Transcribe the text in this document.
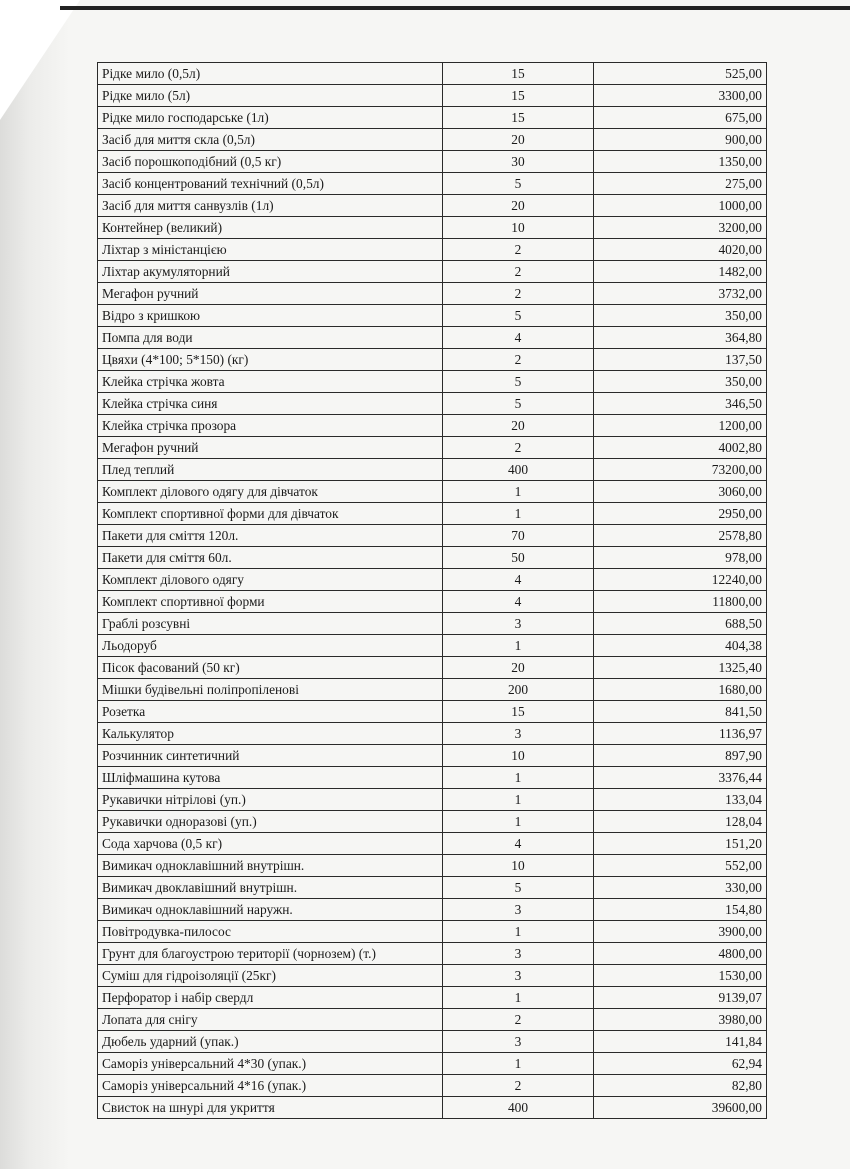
Рідке мило (0,5л)	15	525,00
Рідке мило (5л)	15	3300,00
Рідке мило господарське (1л)	15	675,00
Засіб для миття скла (0,5л)	20	900,00
Засіб порошкоподібний (0,5 кг)	30	1350,00
Засіб концентрований технічний (0,5л)	5	275,00
Засіб для миття санвузлів (1л)	20	1000,00
Контейнер (великий)	10	3200,00
Ліхтар з міністанцією	2	4020,00
Ліхтар акумуляторний	2	1482,00
Мегафон ручний	2	3732,00
Відро з кришкою	5	350,00
Помпа для води	4	364,80
Цвяхи (4*100; 5*150) (кг)	2	137,50
Клейка стрічка жовта	5	350,00
Клейка стрічка синя	5	346,50
Клейка стрічка прозора	20	1200,00
Мегафон ручний	2	4002,80
Плед теплий	400	73200,00
Комплект ділового одягу для дівчаток	1	3060,00
Комплект спортивної форми для дівчаток	1	2950,00
Пакети для сміття 120л.	70	2578,80
Пакети для сміття 60л.	50	978,00
Комплект ділового одягу	4	12240,00
Комплект спортивної форми	4	11800,00
Граблі розсувні	3	688,50
Льодоруб	1	404,38
Пісок фасований (50 кг)	20	1325,40
Мішки будівельні поліпропіленові	200	1680,00
Розетка	15	841,50
Калькулятор	3	1136,97
Розчинник синтетичний	10	897,90
Шліфмашина кутова	1	3376,44
Рукавички нітрілові (уп.)	1	133,04
Рукавички одноразові (уп.)	1	128,04
Сода харчова (0,5 кг)	4	151,20
Вимикач одноклавішний внутрішн.	10	552,00
Вимикач двоклавішний внутрішн.	5	330,00
Вимикач одноклавішний наружн.	3	154,80
Повітродувка-пилосос	1	3900,00
Грунт для благоустрою території (чорнозем) (т.)	3	4800,00
Суміш для гідроізоляції (25кг)	3	1530,00
Перфоратор і набір свердл	1	9139,07
Лопата для снігу	2	3980,00
Дюбель ударний (упак.)	3	141,84
Саморіз універсальний 4*30 (упак.)	1	62,94
Саморіз універсальний 4*16 (упак.)	2	82,80
Свисток на шнурі для укриття	400	39600,00
